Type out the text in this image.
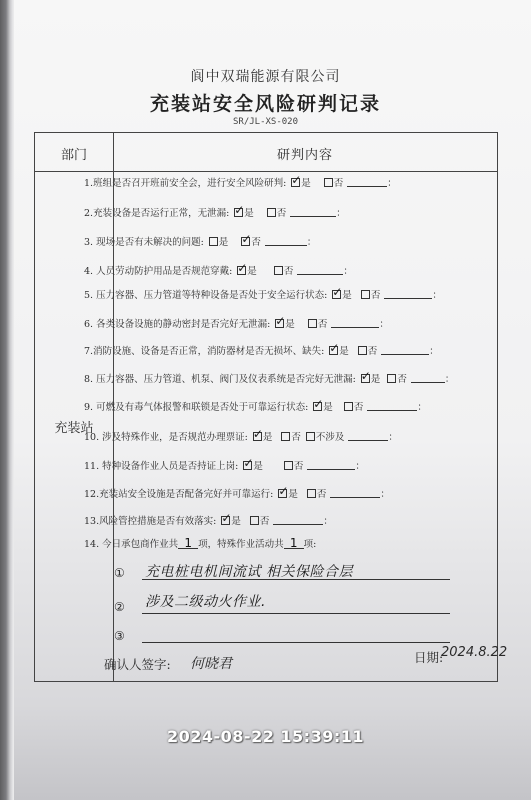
阆中双瑞能源有限公司
充装站安全风险研判记录
SR/JL-XS-020
部门	研判内容
充装站
1.班组是否召开班前安全会，进行安全风险研判: ✓ 是 否	：
2.充装设备是否运行正常，无泄漏: ✓ 是 否	：
3. 现场是否有未解决的问题: 是 ✓ 否	：
4. 人员劳动防护用品是否规范穿戴: ✓ 是	否	：
5. 压力容器、压力管道等特种设备是否处于安全运行状态: ✓ 是 否	：
6. 各类设备设施的静动密封是否完好无泄漏: ✓ 是 否	：
7.消防设施、设备是否正常，消防器材是否无损坏、缺失: ✓ 是 否	：
8. 压力容器、压力管道、机泵、阀门及仪表系统是否完好无泄漏: ✓ 是 否	：
9. 可燃及有毒气体报警和联锁是否处于可靠运行状态: ✓ 是 否	：
10. 涉及特殊作业，是否规范办理票证: ✓ 是 否 不涉及	：
11. 特种设备作业人员是否持证上岗: ✓ 是	否	：
12.充装站安全设施是否配备完好并可靠运行: ✓ 是 否	：
13.风险管控措施是否有效落实: ✓ 是 否	：
14. 今日承包商作业共 1 项，特殊作业活动共 1 项:
① 充电桩电机间流试 相关保险合层
② 涉及二级动火作业.
③
确认人签字: 何晓君	日期:
2024.8.22
2024-08-22 15:39:11
